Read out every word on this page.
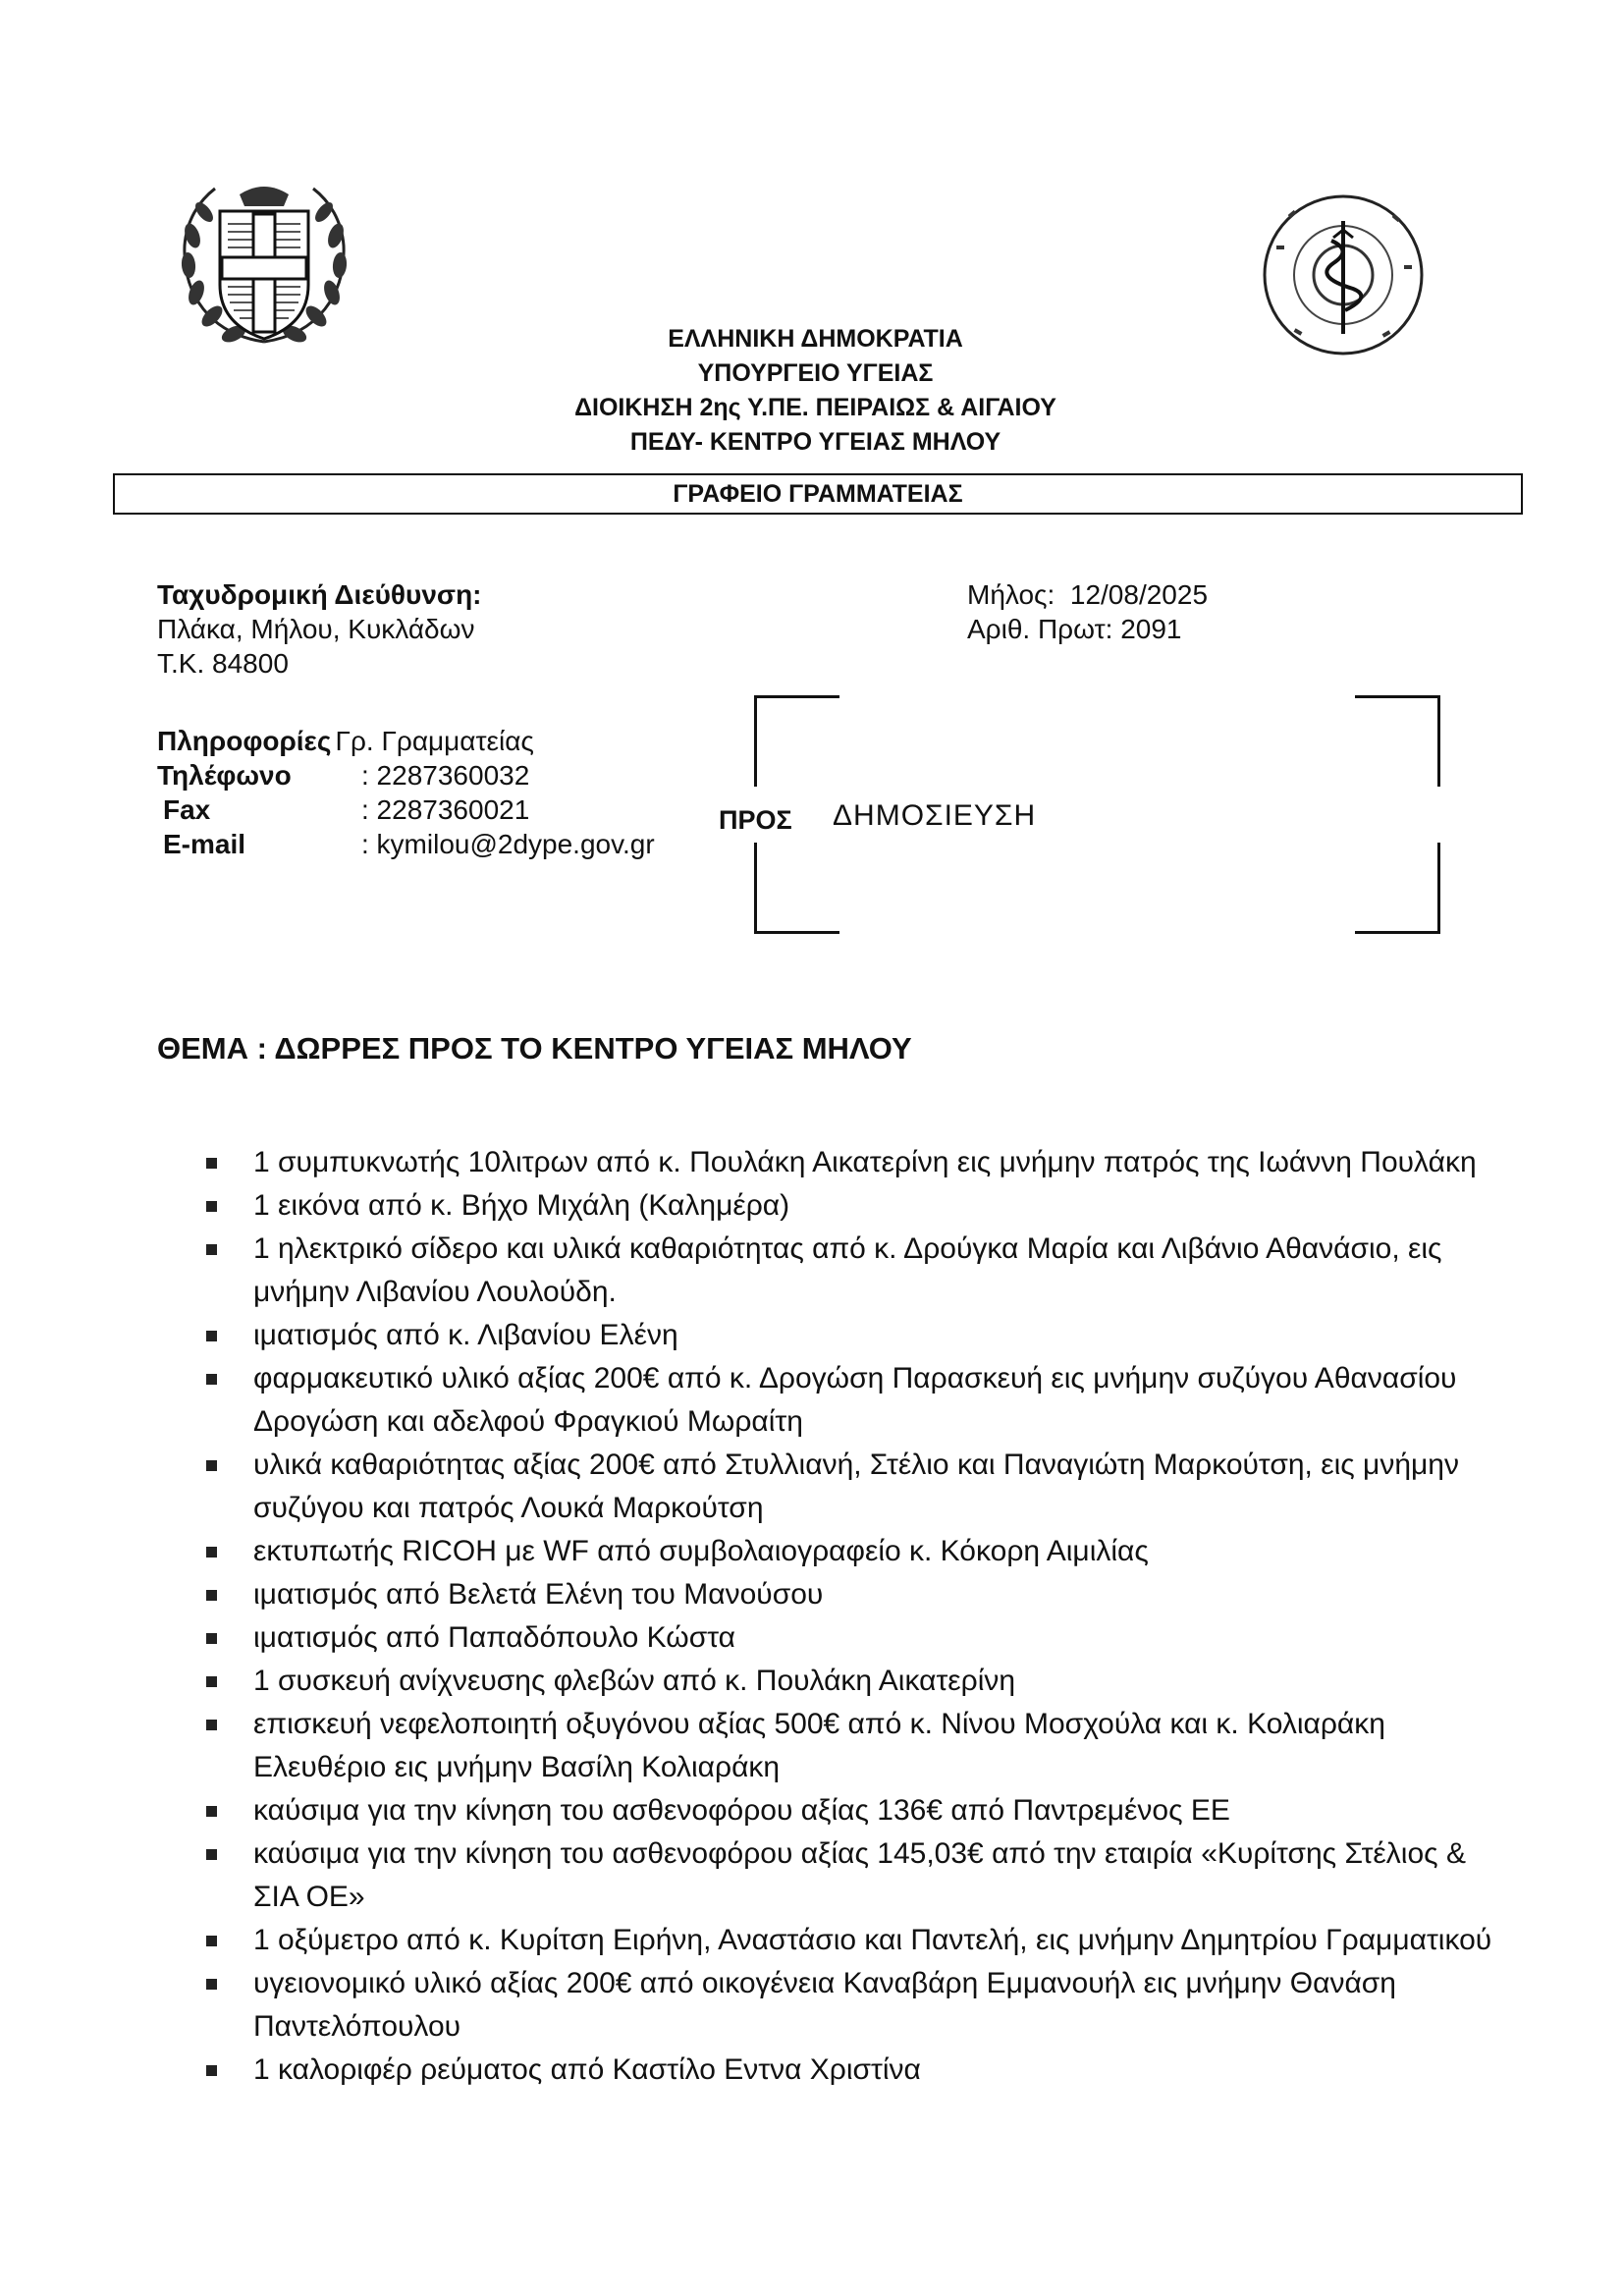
ΕΛΛΗΝΙΚΗ ΔΗΜΟΚΡΑΤΙΑ
ΥΠΟΥΡΓΕΙΟ ΥΓΕΙΑΣ
ΔΙΟΙΚΗΣΗ 2ης Υ.ΠΕ. ΠΕΙΡΑΙΩΣ & ΑΙΓΑΙΟΥ
ΠΕΔΥ- ΚΕΝΤΡΟ ΥΓΕΙΑΣ ΜΗΛΟΥ
ΓΡΑΦΕΙΟ ΓΡΑΜΜΑΤΕΙΑΣ
Ταχυδρομική Διεύθυνση:
Πλάκα, Μήλου, Κυκλάδων
Τ.Κ. 84800
Μήλος:  12/08/2025
Αριθ. Πρωτ: 2091
Πληροφορίες
: Γρ. Γραμματείας
Τηλέφωνο	: 2287360032
Fax	: 2287360021
E-mail	: kymilou@2dype.gov.gr
ΠΡΟΣ ΔΗΜΟΣΙΕΥΣΗ
ΘΕΜΑ : ΔΩΡΡΕΣ ΠΡΟΣ ΤΟ ΚΕΝΤΡΟ ΥΓΕΙΑΣ ΜΗΛΟΥ
1 συμπυκνωτής 10λιτρων από κ. Πουλάκη Αικατερίνη εις μνήμην πατρός της Ιωάννη Πουλάκη
1 εικόνα από κ. Βήχο Μιχάλη (Καλημέρα)
1 ηλεκτρικό σίδερο και υλικά καθαριότητας από κ. Δρούγκα Μαρία και Λιβάνιο Αθανάσιο, εις μνήμην Λιβανίου Λουλούδη.
ιματισμός από κ. Λιβανίου Ελένη
φαρμακευτικό υλικό αξίας 200€ από κ. Δρογώση Παρασκευή εις μνήμην συζύγου Αθανασίου Δρογώση και αδελφού Φραγκιού Μωραίτη
υλικά καθαριότητας αξίας 200€ από Στυλλιανή, Στέλιο και Παναγιώτη Μαρκούτση, εις μνήμην συζύγου και πατρός Λουκά Μαρκούτση
εκτυπωτής RICOH με WF από συμβολαιογραφείο κ. Κόκορη Αιμιλίας
ιματισμός από Βελετά Ελένη του Μανούσου
ιματισμός από Παπαδόπουλο Κώστα
1 συσκευή ανίχνευσης φλεβών από κ. Πουλάκη Αικατερίνη
επισκευή νεφελοποιητή οξυγόνου αξίας 500€ από κ. Νίνου Μοσχούλα και κ. Κολιαράκη Ελευθέριο εις μνήμην Βασίλη Κολιαράκη
καύσιμα για την κίνηση του ασθενοφόρου αξίας 136€ από Παντρεμένος ΕΕ
καύσιμα για την κίνηση του ασθενοφόρου αξίας 145,03€ από την εταιρία «Κυρίτσης Στέλιος & ΣΙΑ ΟΕ»
1 οξύμετρο από κ. Κυρίτση Ειρήνη, Αναστάσιο και Παντελή, εις μνήμην Δημητρίου Γραμματικού
υγειονομικό υλικό αξίας 200€ από οικογένεια Καναβάρη Εμμανουήλ εις μνήμην Θανάση Παντελόπουλου
1 καλοριφέρ ρεύματος από Καστίλο Εντνα Χριστίνα
